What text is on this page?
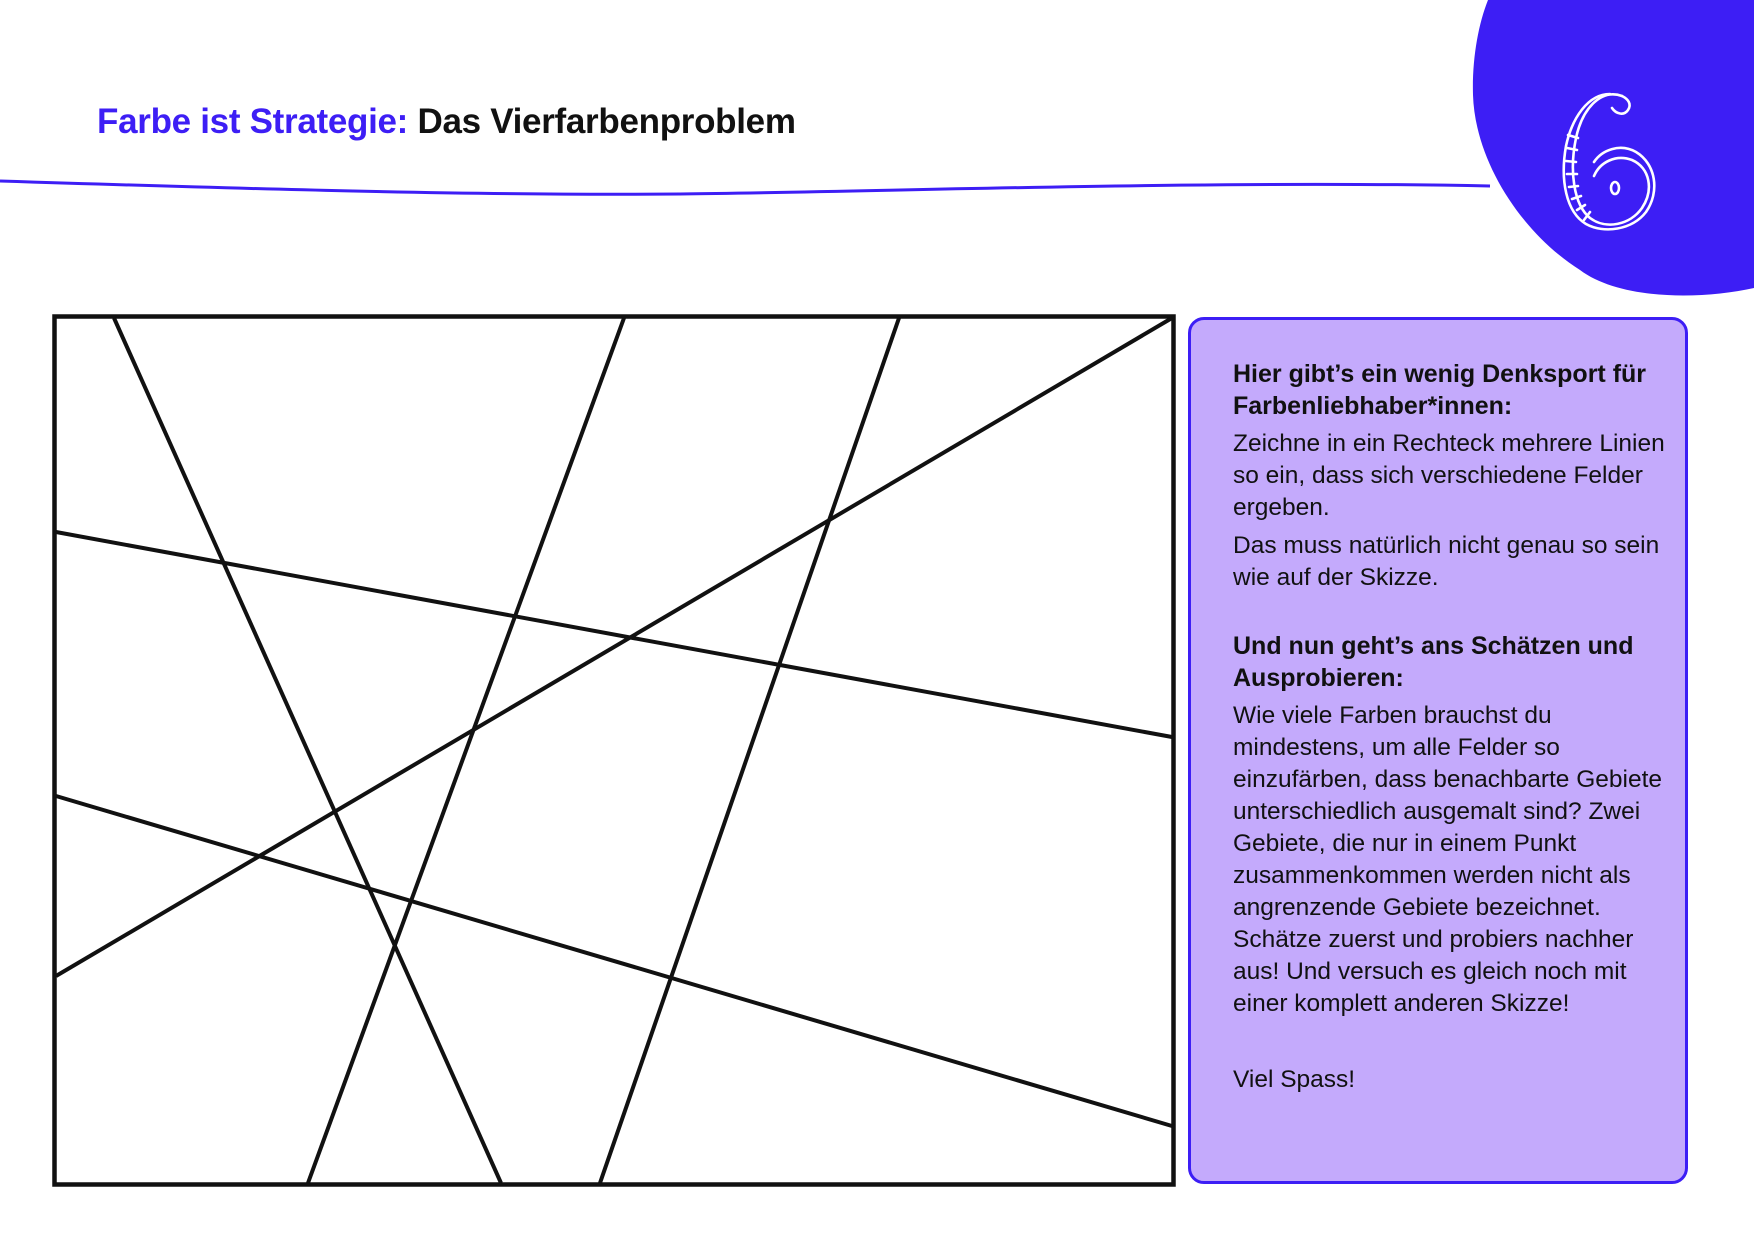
Farbe ist Strategie: Das Vierfarbenproblem
Hier gibt’s ein wenig Denksport für Farbenliebhaber*innen:

Zeichne in ein Rechteck mehrere Linien so ein, dass sich verschiedene Felder ergeben.

Das muss natürlich nicht genau so sein wie auf der Skizze.

Und nun geht’s ans Schätzen und Ausprobieren:

Wie viele Farben brauchst du mindestens, um alle Felder so einzufärben, dass benachbarte Gebiete unterschiedlich ausgemalt sind? Zwei Gebiete, die nur in einem Punkt zusammenkommen werden nicht als angrenzende Gebiete bezeichnet. Schätze zuerst und probiers nachher aus! Und versuch es gleich noch mit einer komplett anderen Skizze!

Viel Spass!
